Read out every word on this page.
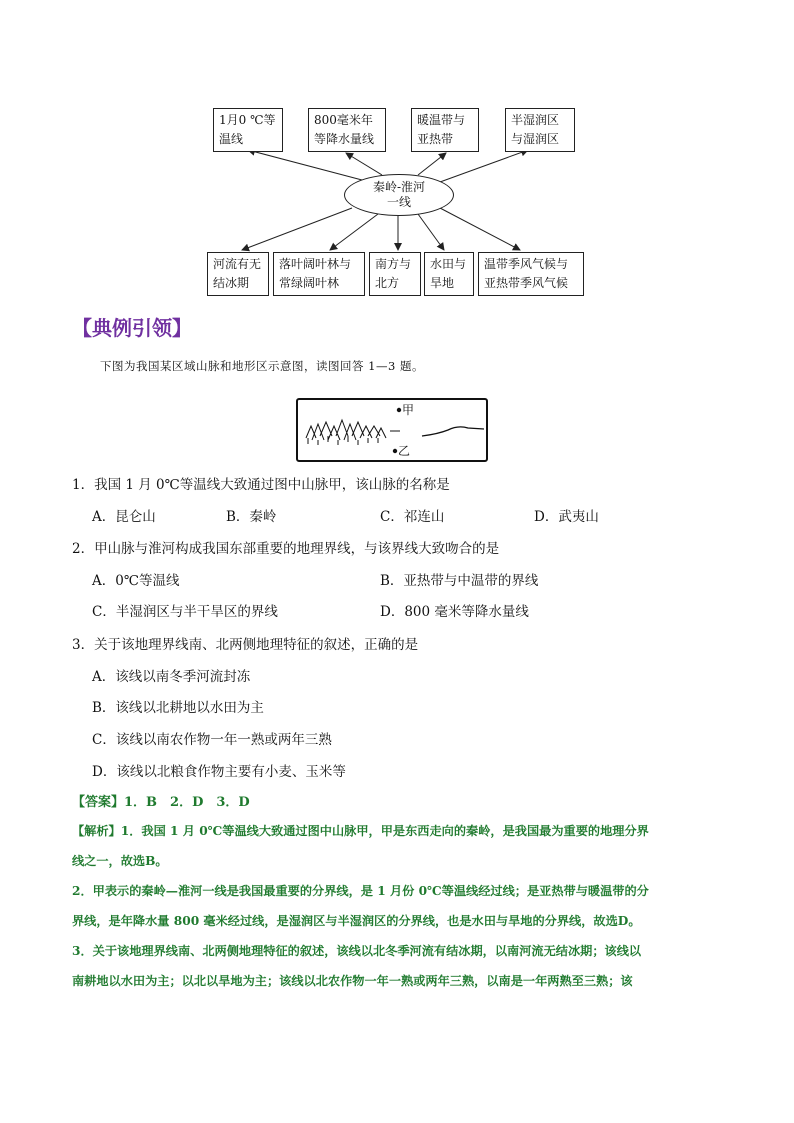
1月0 ℃等
温线
800毫米年
等降水量线
暖温带与
亚热带
半湿润区
与湿润区
秦岭-淮河
一线
河流有无
结冰期
落叶阔叶林与
常绿阔叶林
南方与
北方
水田与
旱地
温带季风气候与
亚热带季风气候
【典例引领】
下图为我国某区域山脉和地形区示意图，读图回答 1—3 题。
甲
乙
1．我国 1 月 0℃等温线大致通过图中山脉甲，该山脉的名称是
A．昆仑山	B．秦岭	C．祁连山	D．武夷山
2．甲山脉与淮河构成我国东部重要的地理界线，与该界线大致吻合的是
A．0℃等温线	B．亚热带与中温带的界线
C．半湿润区与半干旱区的界线	D．800 毫米等降水量线
3．关于该地理界线南、北两侧地理特征的叙述，正确的是
A．该线以南冬季河流封冻
B．该线以北耕地以水田为主
C．该线以南农作物一年一熟或两年三熟
D．该线以北粮食作物主要有小麦、玉米等
【答案】1．B　2．D　3．D
【解析】1．我国 1 月 0℃等温线大致通过图中山脉甲，甲是东西走向的秦岭，是我国最为重要的地理分界
线之一，故选B。
2．甲表示的秦岭—淮河一线是我国最重要的分界线，是 1 月份 0℃等温线经过线；是亚热带与暖温带的分
界线，是年降水量 800 毫米经过线，是湿润区与半湿润区的分界线，也是水田与旱地的分界线，故选D。
3．关于该地理界线南、北两侧地理特征的叙述，该线以北冬季河流有结冰期，以南河流无结冰期；该线以
南耕地以水田为主；以北以旱地为主；该线以北农作物一年一熟或两年三熟，以南是一年两熟至三熟；该
